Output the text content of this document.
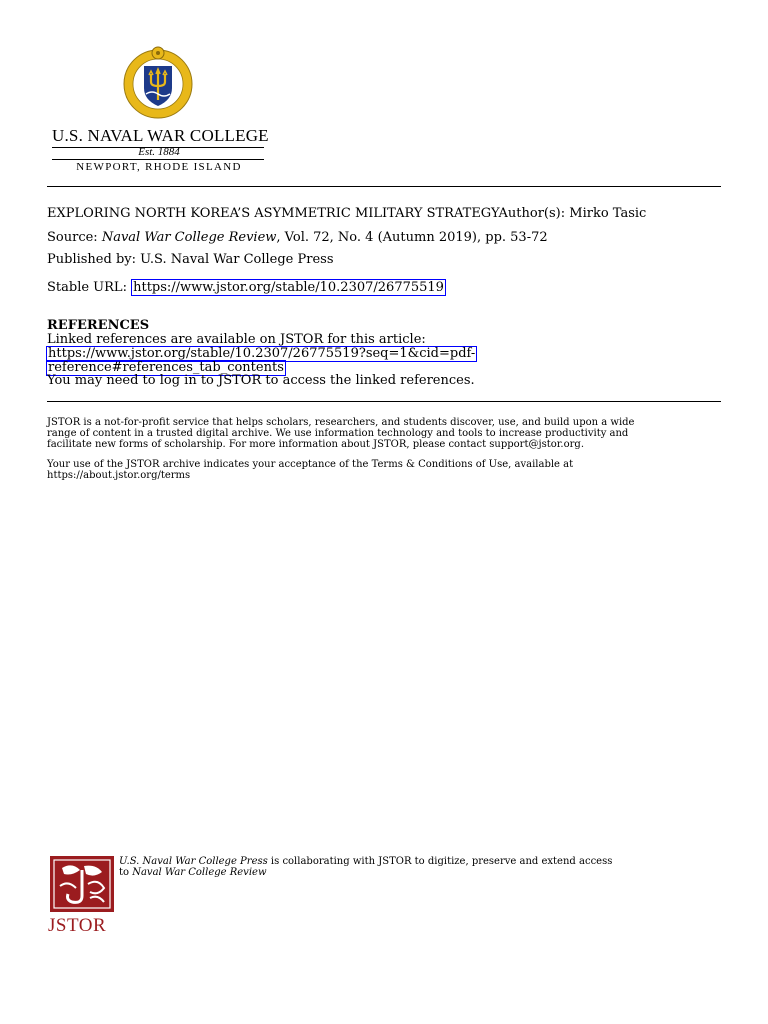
U.S. NAVAL WAR COLLEGE
Est. 1884
NEWPORT, RHODE ISLAND
EXPLORING NORTH KOREA’S ASYMMETRIC MILITARY STRATEGYAuthor(s): Mirko Tasic
Source: Naval War College Review, Vol. 72, No. 4 (Autumn 2019), pp. 53-72
Published by: U.S. Naval War College Press
Stable URL: https://www.jstor.org/stable/10.2307/26775519
REFERENCES
Linked references are available on JSTOR for this article:
https://www.jstor.org/stable/10.2307/26775519?seq=1&cid=pdf-
reference#references_tab_contents
You may need to log in to JSTOR to access the linked references.
JSTOR is a not-for-profit service that helps scholars, researchers, and students discover, use, and build upon a wide
range of content in a trusted digital archive. We use information technology and tools to increase productivity and
facilitate new forms of scholarship. For more information about JSTOR, please contact support@jstor.org.
Your use of the JSTOR archive indicates your acceptance of the Terms & Conditions of Use, available at
https://about.jstor.org/terms
JSTOR
U.S. Naval War College Press is collaborating with JSTOR to digitize, preserve and extend access
to Naval War College Review
